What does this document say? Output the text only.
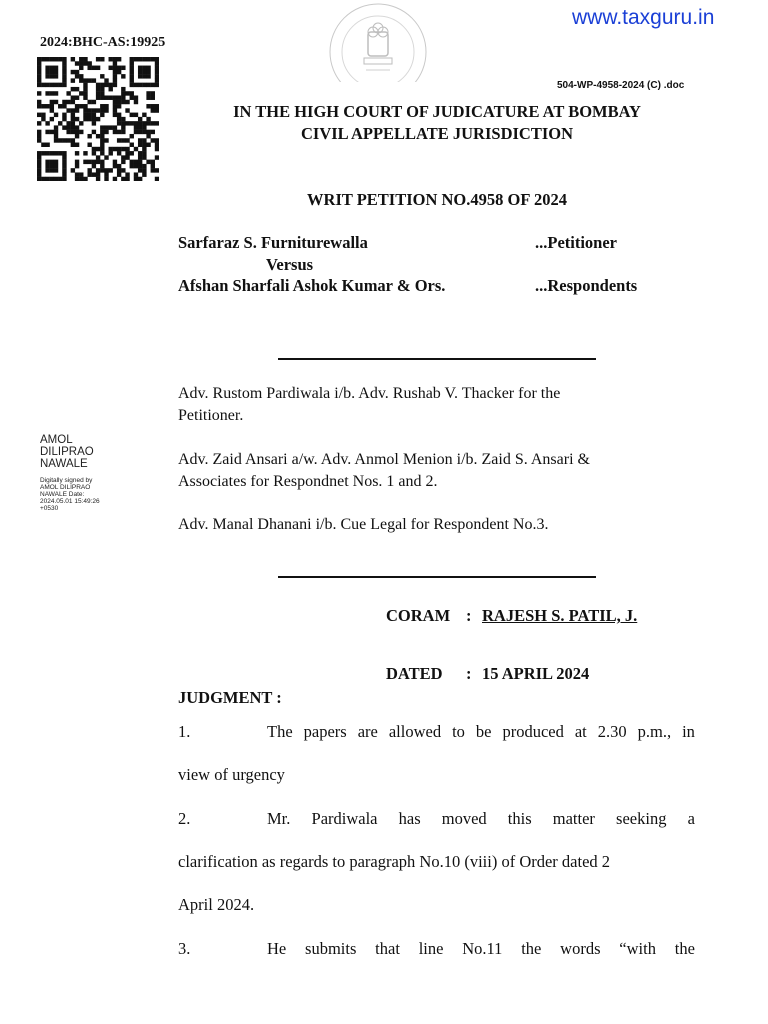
www.taxguru.in
2024:BHC-AS:19925
504-WP-4958-2024 (C) .doc
IN THE HIGH COURT OF JUDICATURE AT BOMBAY
CIVIL APPELLATE JURISDICTION
WRIT PETITION NO.4958 OF 2024
Sarfaraz S. Furniturewalla	...Petitioner
Versus
Afshan Sharfali Ashok Kumar & Ors.	...Respondents
Adv. Rustom Pardiwala i/b. Adv. Rushab V. Thacker for the
Petitioner.
Adv. Zaid Ansari a/w. Adv. Anmol Menion i/b. Zaid S. Ansari &
Associates for Respondnet Nos. 1 and 2.
Adv. Manal Dhanani i/b. Cue Legal for Respondent No.3.
AMOL DILIPRAO NAWALE
Digitally signed by AMOL DILIPRAO NAWALE Date: 2024.05.01 15:49:26 +0530
CORAM : RAJESH S. PATIL, J.
DATED : 15 APRIL 2024
JUDGMENT :
1.	The papers are allowed to be produced at 2.30 p.m., in
view of urgency
2.	Mr. Pardiwala has moved this matter seeking a
clarification as regards to paragraph No.10 (viii) of Order dated 2
April 2024.
3.	He submits that line No.11 the words “with the
